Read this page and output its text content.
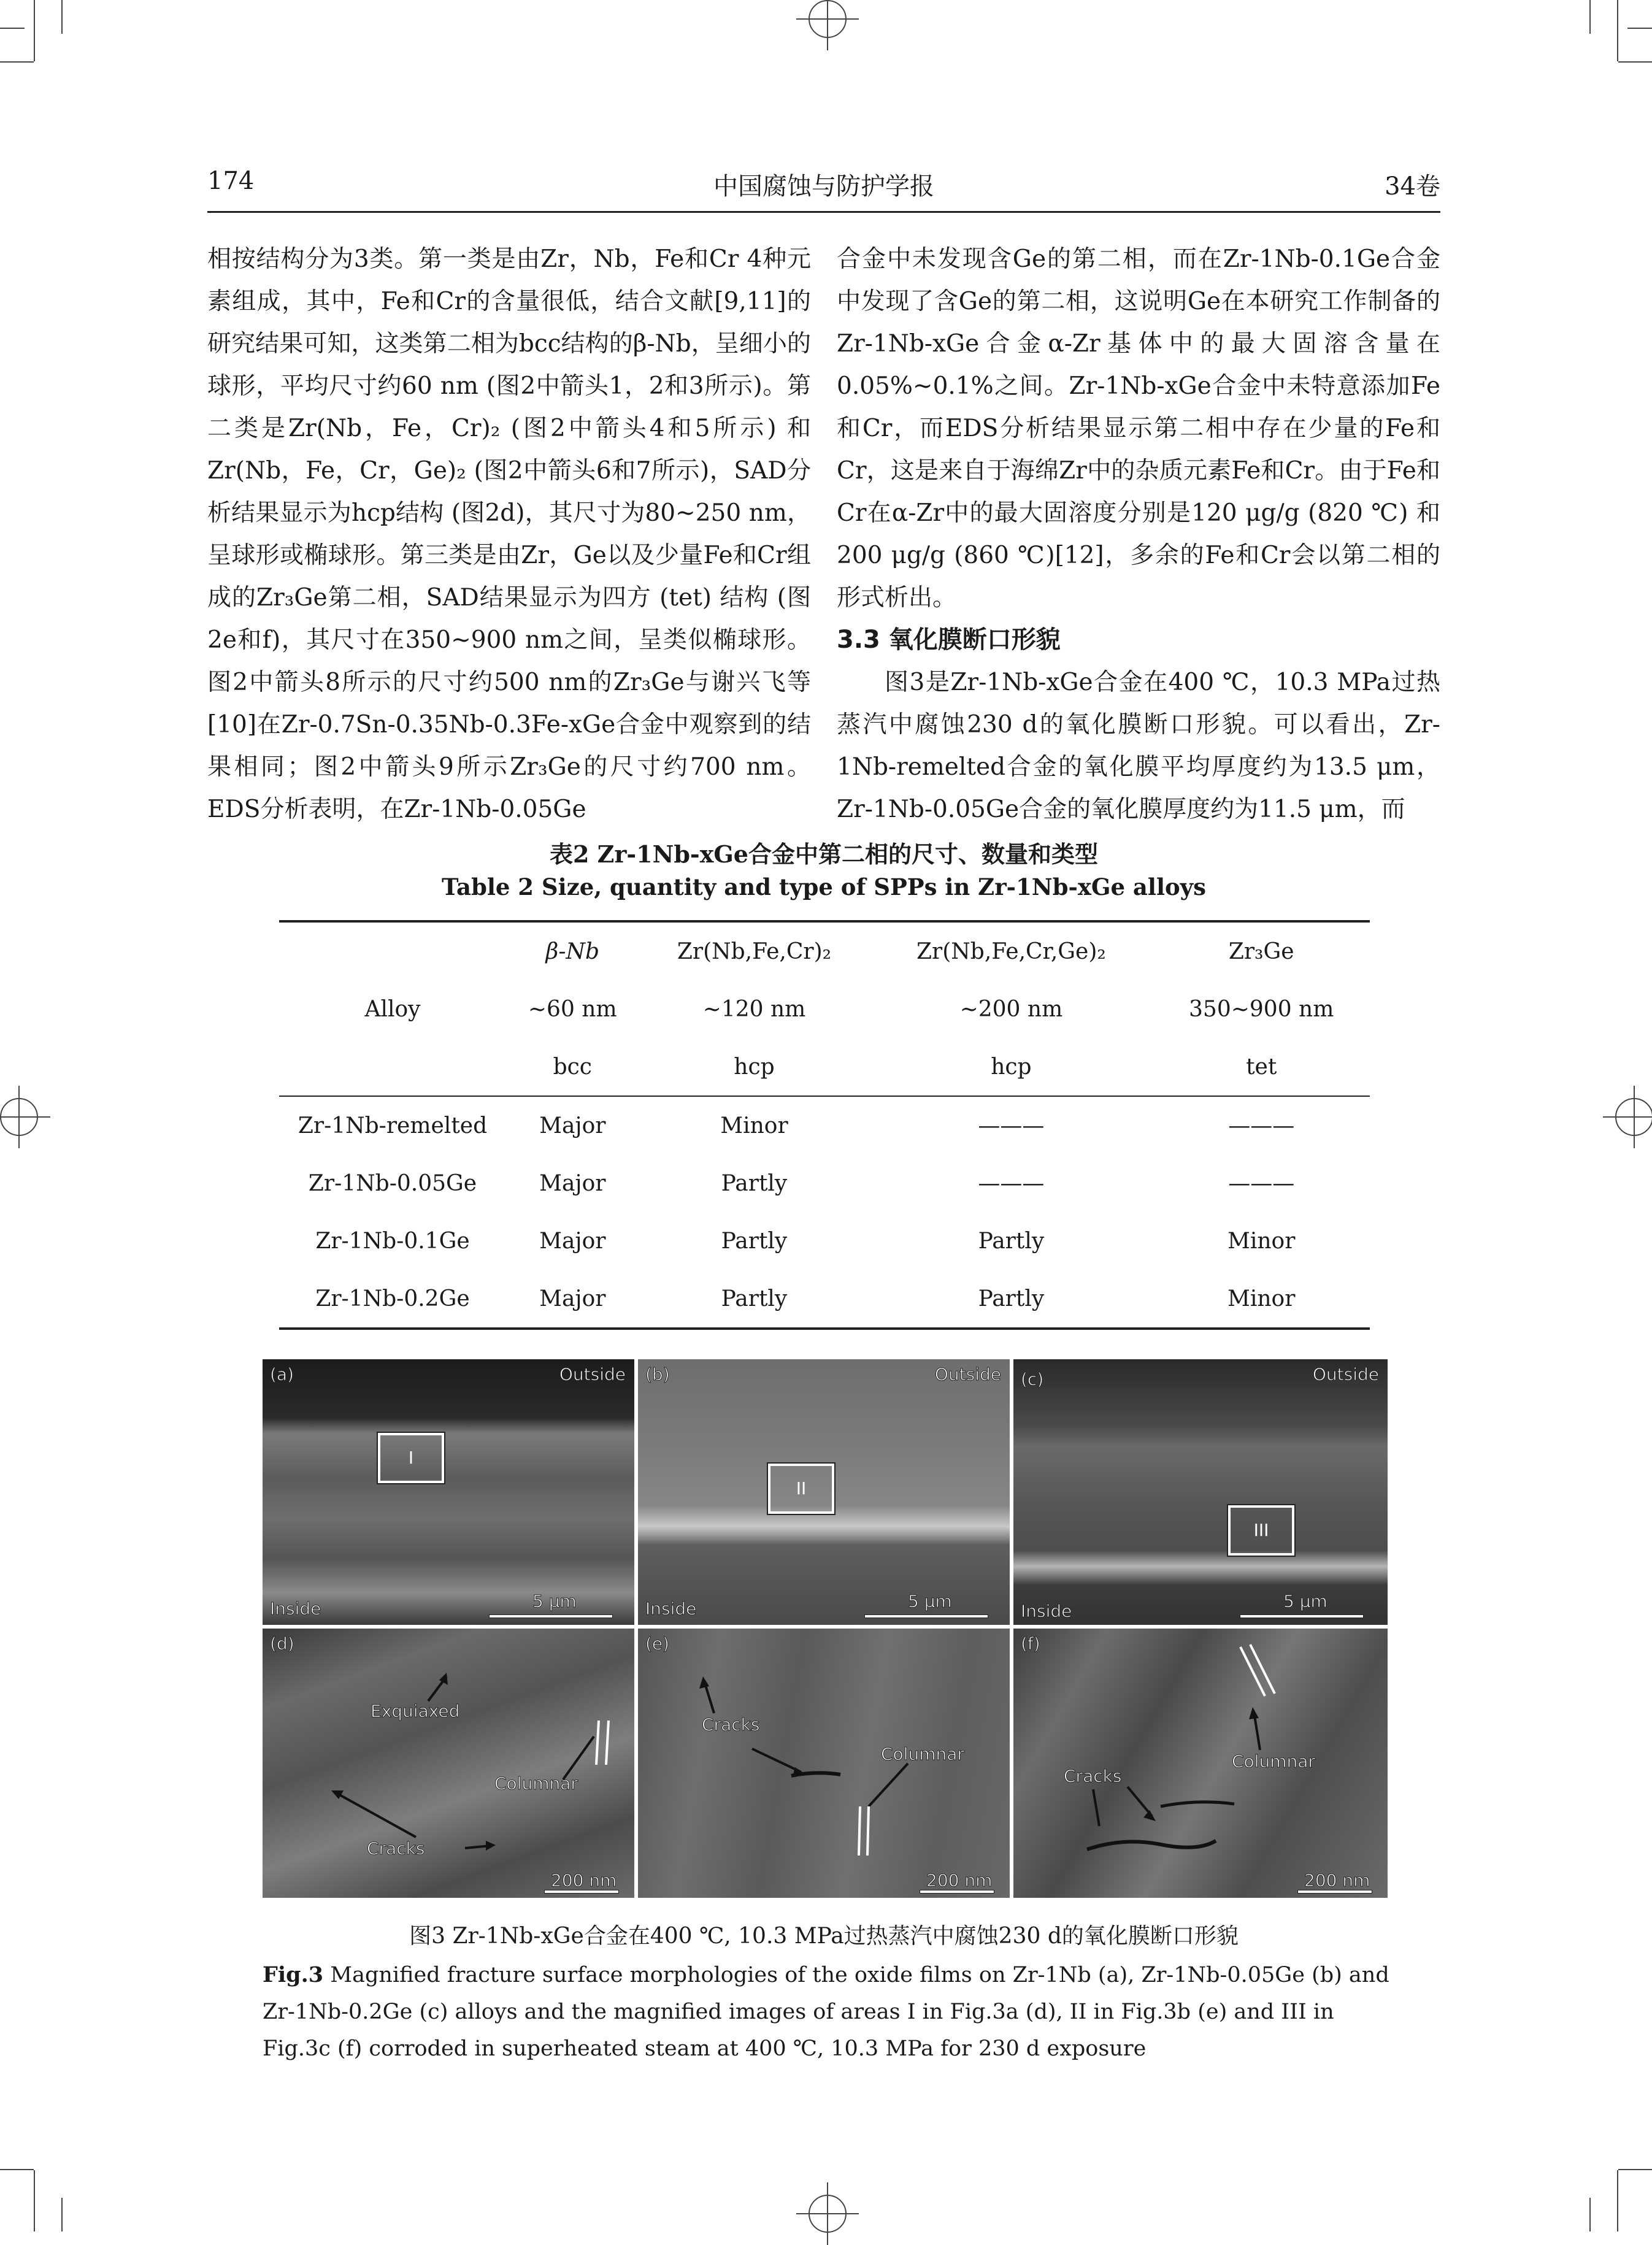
174	中国腐蚀与防护学报	34卷

相按结构分为3类。第一类是由Zr，Nb，Fe和Cr 4种元素组成，其中，Fe和Cr的含量很低，结合文献[9,11]的研究结果可知，这类第二相为bcc结构的β-Nb，呈细小的球形，平均尺寸约60 nm (图2中箭头1，2和3所示)。第二类是Zr(Nb，Fe，Cr)₂ (图2中箭头4和5所示) 和Zr(Nb，Fe，Cr，Ge)₂ (图2中箭头6和7所示)，SAD分析结果显示为hcp结构 (图2d)，其尺寸为80~250 nm，呈球形或椭球形。第三类是由Zr，Ge以及少量Fe和Cr组成的Zr₃Ge第二相，SAD结果显示为四方 (tet) 结构 (图2e和f)，其尺寸在350~900 nm之间，呈类似椭球形。图2中箭头8所示的尺寸约500 nm的Zr₃Ge与谢兴飞等[10]在Zr-0.7Sn-0.35Nb-0.3Fe-xGe合金中观察到的结果相同；图2中箭头9所示Zr₃Ge的尺寸约700 nm。EDS分析表明，在Zr-1Nb-0.05Ge

合金中未发现含Ge的第二相，而在Zr-1Nb-0.1Ge合金中发现了含Ge的第二相，这说明Ge在本研究工作制备的Zr-1Nb-xGe合金α-Zr基体中的最大固溶含量在0.05%~0.1%之间。Zr-1Nb-xGe合金中未特意添加Fe和Cr，而EDS分析结果显示第二相中存在少量的Fe和Cr，这是来自于海绵Zr中的杂质元素Fe和Cr。由于Fe和Cr在α-Zr中的最大固溶度分别是120 μg/g (820 ℃) 和200 μg/g (860 ℃)[12]，多余的Fe和Cr会以第二相的形式析出。

3.3 氧化膜断口形貌

图3是Zr-1Nb-xGe合金在400 ℃，10.3 MPa过热蒸汽中腐蚀230 d的氧化膜断口形貌。可以看出，Zr-1Nb-remelted合金的氧化膜平均厚度约为13.5 μm，Zr-1Nb-0.05Ge合金的氧化膜厚度约为11.5 μm，而

表2 Zr-1Nb-xGe合金中第二相的尺寸、数量和类型
Table 2 Size, quantity and type of SPPs in Zr-1Nb-xGe alloys
Alloy	β-Nb	Zr(Nb,Fe,Cr)₂	Zr(Nb,Fe,Cr,Ge)₂	Zr₃Ge
	~60 nm	~120 nm	~200 nm	350~900 nm
	bcc	hcp	hcp	tet
Zr-1Nb-remelted	Major	Minor	———	———
Zr-1Nb-0.05Ge	Major	Partly	———	———
Zr-1Nb-0.1Ge	Major	Partly	Partly	Minor
Zr-1Nb-0.2Ge	Major	Partly	Partly	Minor
(a)	Outside
I
Inside	5 μm
(b)	Outside
II
Inside	5 μm
(c)	Outside
III
Inside	5 μm
(d)
Exquiaxed
Columnar
Cracks
200 nm
(e)
Cracks
Columnar
200 nm
(f)
Cracks
Columnar
200 nm
图3 Zr-1Nb-xGe合金在400 ℃, 10.3 MPa过热蒸汽中腐蚀230 d的氧化膜断口形貌
Fig.3 Magnified fracture surface morphologies of the oxide films on Zr-1Nb (a), Zr-1Nb-0.05Ge (b) and Zr-1Nb-0.2Ge (c) alloys and the magnified images of areas I in Fig.3a (d), II in Fig.3b (e) and III in Fig.3c (f) corroded in superheated steam at 400 ℃, 10.3 MPa for 230 d exposure
